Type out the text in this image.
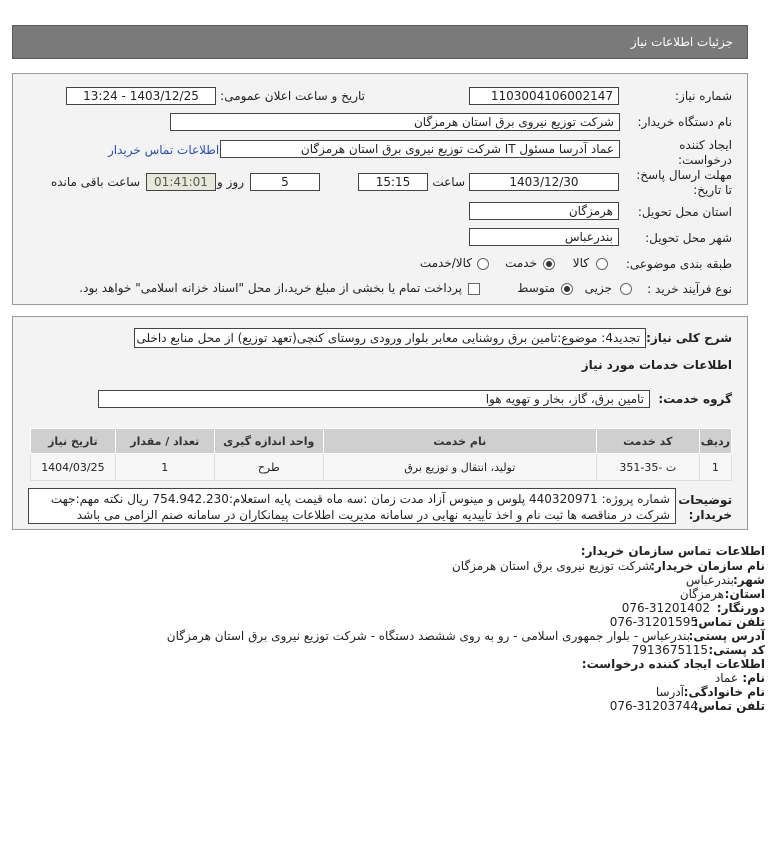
جزئیات اطلاعات نیاز
شماره نیاز:
1103004106002147
تاریخ و ساعت اعلان عمومی:
1403/12/25 - 13:24
نام دستگاه خریدار:
شرکت توزیع نیروی برق استان هرمزگان
ایجاد کننده
درخواست:
عماد آدرسا مسئول IT شرکت توزیع نیروی برق استان هرمزگان
اطلاعات تماس خریدار
مهلت ارسال پاسخ:
تا تاریخ:
1403/12/30
ساعت
15:15
5
روز و
01:41:01
ساعت باقی مانده
استان محل تحویل:
هرمزگان
شهر محل تحویل:
بندرعباس
طبقه بندی موضوعی:
کالا
خدمت
کالا/خدمت
نوع فرآیند خرید :
جزیی
متوسط
پرداخت تمام یا بخشی از مبلغ خرید،از محل "اسناد خزانه اسلامی" خواهد بود.
شرح کلی نیاز:
تجدید4: موضوع:تامین برق روشنایی معابر بلوار ورودی روستای کنچی(تعهد توزیع) از محل منابع داخلی
اطلاعات خدمات مورد نیاز
گروه خدمت:
تامین برق، گاز، بخار و تهویه هوا
ردیف	کد خدمت	نام خدمت	واحد اندازه گیری	تعداد / مقدار	تاریخ نیاز
1	ت -35-351	تولید، انتقال و توزیع برق	طرح	1	1404/03/25
توضیحات
خریدار:
شماره پروژه: 440320971 پلوس و مینوس آزاد مدت زمان :سه ماه قیمت پایه استعلام:754.942.230 ریال نکته مهم:جهت
شرکت در مناقصه ها ثبت نام و اخذ تاییدیه نهایی در سامانه مدیریت اطلاعات پیمانکاران در سامانه صنم الزامی می باشد
اطلاعات تماس سازمان خریدار:
نام سازمان خریدار:
شرکت توزیع نیروی برق استان هرمزگان
شهر:
بندرعباس
استان:
هرمزگان
دورنگار:
076-31201402
تلفن تماس:
076-31201595
آدرس پستی:
بندرعباس - بلوار جمهوری اسلامی - رو به روی ششصد دستگاه - شرکت توزیع نیروی برق استان هرمزگان
کد پستی:
7913675115
اطلاعات ایجاد کننده درخواست:
نام:
عماد
نام خانوادگی:
آدرسا
تلفن تماس:
076-31203744
